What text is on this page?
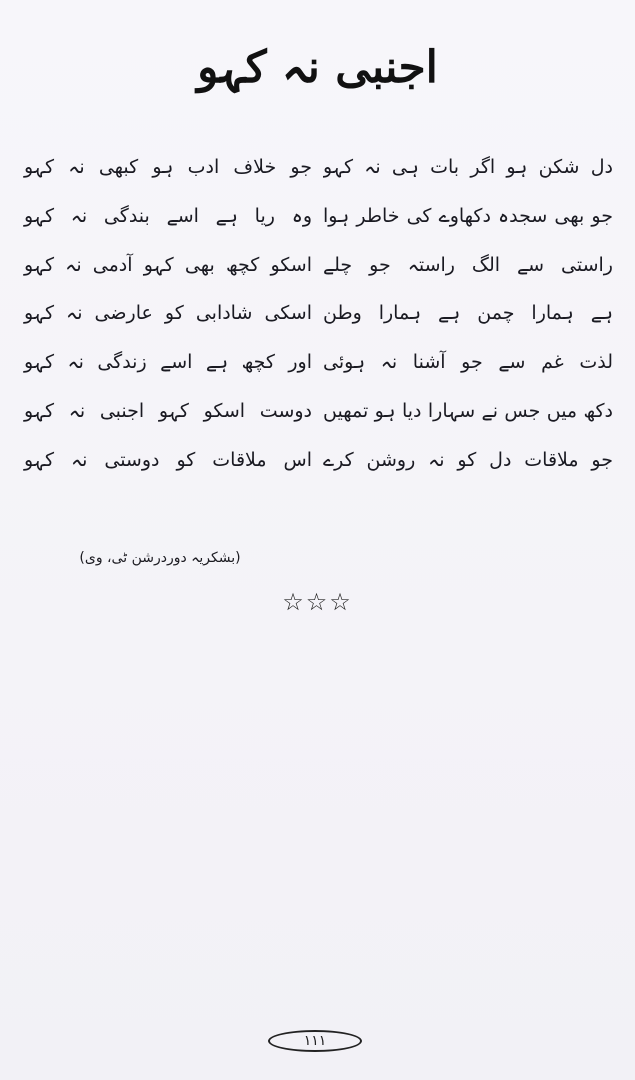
اجنبی نہ کہو
دل شکن ہو اگر بات ہی نہ کہو
جو بھی سجدہ دکھاوے کی خاطر ہوا
راستی سے الگ راستہ جو چلے
ہے ہمارا چمن ہے ہمارا وطن
لذت غم سے جو آشنا نہ ہوئی
دکھ میں جس نے سہارا دیا ہو تمھیں
جو ملاقات دل کو نہ روشن کرے
جو خلاف ادب ہو کبھی نہ کہو
وہ ریا ہے اسے بندگی نہ کہو
اسکو کچھ بھی کہو آدمی نہ کہو
اسکی شادابی کو عارضی نہ کہو
اور کچھ ہے اسے زندگی نہ کہو
دوست اسکو کہو اجنبی نہ کہو
اس ملاقات کو دوستی نہ کہو
(بشکریہ دوردرشن ٹی، وی)
☆☆☆
۱۱۱
